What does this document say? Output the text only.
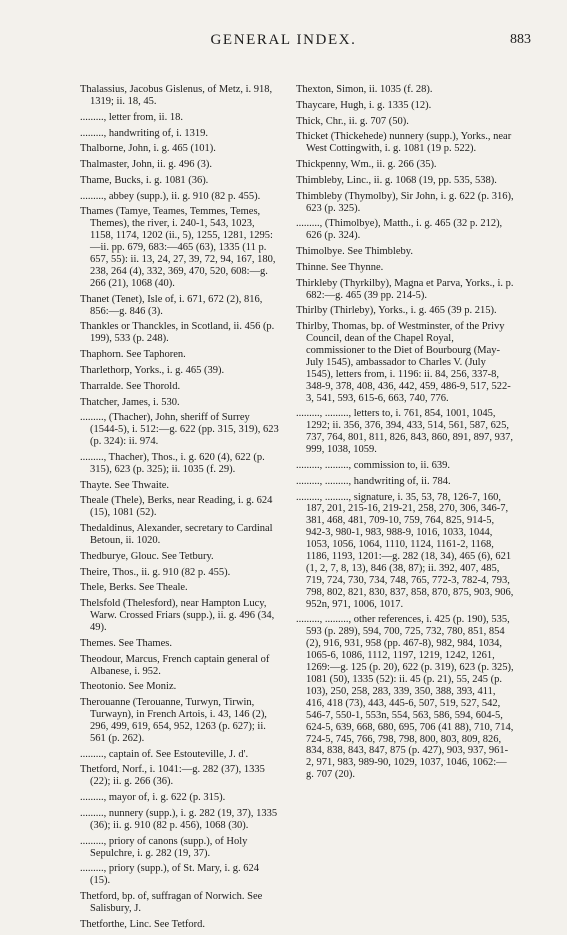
GENERAL INDEX.	883
Thalassius, Jacobus Gislenus, of Metz, i. 918, 1319; ii. 18, 45.
........., letter from, ii. 18.
........., handwriting of, i. 1319.
Thalborne, John, i. g. 465 (101).
Thalmaster, John, ii. g. 496 (3).
Thame, Bucks, i. g. 1081 (36).
........., abbey (supp.), ii. g. 910 (82 p. 455).
Thames (Tamye, Teames, Temmes, Temes, Themes), the river, i. 240-1, 543, 1023, 1158, 1174, 1202 (ii., 5), 1255, 1281, 1295:—ii. pp. 679, 683:—465 (63), 1335 (11 p. 657, 55): ii. 13, 24, 27, 39, 72, 94, 167, 180, 238, 264 (4), 332, 369, 470, 520, 608:—g. 266 (21), 1068 (40).
Thanet (Tenet), Isle of, i. 671, 672 (2), 816, 856:—g. 846 (3).
Thankles or Thanckles, in Scotland, ii. 456 (p. 199), 533 (p. 248).
Thaphorn. See Taphoren.
Tharlethorp, Yorks., i. g. 465 (39).
Tharralde. See Thorold.
Thatcher, James, i. 530.
........., (Thacher), John, sheriff of Surrey (1544-5), i. 512:—g. 622 (pp. 315, 319), 623 (p. 324): ii. 974.
........., Thacher), Thos., i. g. 620 (4), 622 (p. 315), 623 (p. 325); ii. 1035 (f. 29).
Thayte. See Thwaite.
Theale (Thele), Berks, near Reading, i. g. 624 (15), 1081 (52).
Thedaldinus, Alexander, secretary to Cardinal Betoun, ii. 1020.
Thedburye, Glouc. See Tetbury.
Theire, Thos., ii. g. 910 (82 p. 455).
Thele, Berks. See Theale.
Thelsfold (Thelesford), near Hampton Lucy, Warw. Crossed Friars (supp.), ii. g. 496 (34, 49).
Themes. See Thames.
Theodour, Marcus, French captain general of Albanese, i. 952.
Theotonio. See Moniz.
Therouanne (Terouanne, Turwyn, Tirwin, Turwayn), in French Artois, i. 43, 146 (2), 296, 499, 619, 654, 952, 1263 (p. 627); ii. 561 (p. 262).
........., captain of. See Estouteville, J. d'.
Thetford, Norf., i. 1041:—g. 282 (37), 1335 (22); ii. g. 266 (36).
........., mayor of, i. g. 622 (p. 315).
........., nunnery (supp.), i. g. 282 (19, 37), 1335 (36); ii. g. 910 (82 p. 456), 1068 (30).
........., priory of canons (supp.), of Holy Sepulchre, i. g. 282 (19, 37).
........., priory (supp.), of St. Mary, i. g. 624 (15).
Thetford, bp. of, suffragan of Norwich. See Salisbury, J.
Thetforthe, Linc. See Tetford.
Thexton, Simon, ii. 1035 (f. 28).
Thaycare, Hugh, i. g. 1335 (12).
Thick, Chr., ii. g. 707 (50).
Thicket (Thickehede) nunnery (supp.), Yorks., near West Cottingwith, i. g. 1081 (19 p. 522).
Thickpenny, Wm., ii. g. 266 (35).
Thimbleby, Linc., ii. g. 1068 (19, pp. 535, 538).
Thimbleby (Thymolby), Sir John, i. g. 622 (p. 316), 623 (p. 325).
........., (Thimolbye), Matth., i. g. 465 (32 p. 212), 626 (p. 324).
Thimolbye. See Thimbleby.
Thinne. See Thynne.
Thirkleby (Thyrkilby), Magna et Parva, Yorks., i. p. 682:—g. 465 (39 pp. 214-5).
Thirlby (Thirleby), Yorks., i. g. 465 (39 p. 215).
Thirlby, Thomas, bp. of Westminster, of the Privy Council, dean of the Chapel Royal, commissioner to the Diet of Bourbourg (May-July 1545), ambassador to Charles V. (July 1545), letters from, i. 1196: ii. 84, 256, 337-8, 348-9, 378, 408, 436, 442, 459, 486-9, 517, 522-3, 541, 593, 615-6, 663, 740, 776.
........., ........., letters to, i. 761, 854, 1001, 1045, 1292; ii. 356, 376, 394, 433, 514, 561, 587, 625, 737, 764, 801, 811, 826, 843, 860, 891, 897, 937, 999, 1038, 1059.
........., ........., commission to, ii. 639.
........., ........., handwriting of, ii. 784.
........., ........., signature, i. 35, 53, 78, 126-7, 160, 187, 201, 215-16, 219-21, 258, 270, 306, 346-7, 381, 468, 481, 709-10, 759, 764, 825, 914-5, 942-3, 980-1, 983, 988-9, 1016, 1033, 1044, 1053, 1056, 1064, 1110, 1124, 1161-2, 1168, 1186, 1193, 1201:—g. 282 (18, 34), 465 (6), 621 (1, 2, 7, 8, 13), 846 (38, 87); ii. 392, 407, 485, 719, 724, 730, 734, 748, 765, 772-3, 782-4, 793, 798, 802, 821, 830, 837, 858, 870, 875, 903, 906, 952n, 971, 1006, 1017.
........., ........., other references, i. 425 (p. 190), 535, 593 (p. 289), 594, 700, 725, 732, 780, 851, 854 (2), 916, 931, 958 (pp. 467-8), 982, 984, 1034, 1065-6, 1086, 1112, 1197, 1219, 1242, 1261, 1269:—g. 125 (p. 20), 622 (p. 319), 623 (p. 325), 1081 (50), 1335 (52): ii. 45 (p. 21), 55, 245 (p. 103), 250, 258, 283, 339, 350, 388, 393, 411, 416, 418 (73), 443, 445-6, 507, 519, 527, 542, 546-7, 550-1, 553n, 554, 563, 586, 594, 604-5, 624-5, 639, 668, 680, 695, 706 (41 88), 710, 714, 724-5, 745, 766, 798, 798, 800, 803, 809, 826, 834, 838, 843, 847, 875 (p. 427), 903, 937, 961-2, 971, 983, 989-90, 1029, 1037, 1046, 1062:—g. 707 (20).
